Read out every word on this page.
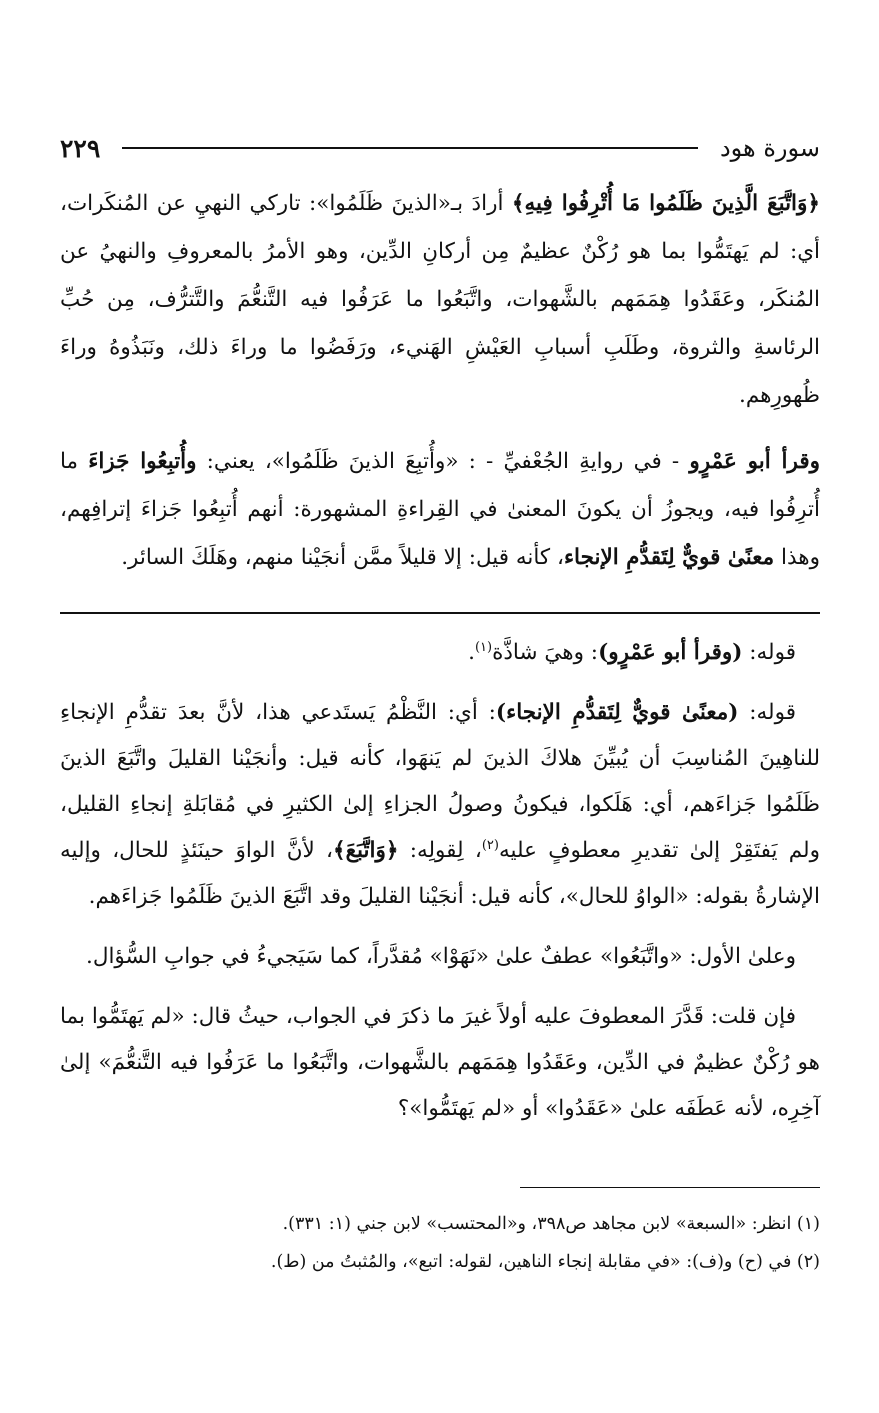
سورة هود
٢٢٩

﴿وَاتَّبَعَ الَّذِينَ ظَلَمُوا مَا أُتْرِفُوا فِيهِ﴾ أرادَ بـ«الذينَ ظَلَمُوا»: تاركي النهيِ عن المُنكَرات، أي: لم يَهتَمُّوا بما هو رُكْنٌ عظيمٌ مِن أركانِ الدِّين، وهو الأمرُ بالمعروفِ والنهيُ عن المُنكَر، وعَقَدُوا هِمَمَهم بالشَّهوات، واتَّبَعُوا ما عَرَفُوا فيه التَّنعُّمَ والتَّترُّف، مِن حُبِّ الرئاسةِ والثروة، وطَلَبِ أسبابِ العَيْشِ الهَنيء، ورَفَضُوا ما وراءَ ذلك، ونَبَذُوهُ وراءَ ظُهورِهم.

وقرأ أبو عَمْرٍو - في روايةِ الجُعْفيِّ - : «وأُتبِعَ الذينَ ظَلَمُوا»، يعني: وأُتبِعُوا جَزاءَ ما أُترِفُوا فيه، ويجوزُ أن يكونَ المعنىٰ في القِراءةِ المشهورة: أنهم أُتبِعُوا جَزاءَ إترافِهم، وهذا معنًىٰ قويٌّ لِتَقدُّمِ الإنجاء، كأنه قيل: إلا قليلاً ممَّن أنجَيْنا منهم، وهَلَكَ السائر.

قوله: (وقرأ أبو عَمْرٍو): وهيَ شاذَّة$^{(١)}$.

قوله: (معنًىٰ قويٌّ لِتَقدُّمِ الإنجاء): أي: النَّظْمُ يَستَدعي هذا، لأنَّ بعدَ تقدُّمِ الإنجاءِ للناهِينَ المُناسِبَ أن يُبيِّنَ هلاكَ الذينَ لم يَنهَوا، كأنه قيل: وأنجَيْنا القليلَ واتَّبَعَ الذينَ ظَلَمُوا جَزاءَهم، أي: هَلَكوا، فيكونُ وصولُ الجزاءِ إلىٰ الكثيرِ في مُقابَلةِ إنجاءِ القليل، ولم يَفتَقِرْ إلىٰ تقديرِ معطوفٍ عليه$^{(٢)}$، لِقولِه: ﴿وَاتَّبَعَ﴾، لأنَّ الواوَ حينَئذٍ للحال، وإليه الإشارةُ بقوله: «الواوُ للحال»، كأنه قيل: أنجَيْنا القليلَ وقد اتَّبَعَ الذينَ ظَلَمُوا جَزاءَهم.

وعلىٰ الأول: «واتَّبَعُوا» عطفٌ علىٰ «نَهَوْا» مُقدَّراً، كما سَيَجيءُ في جوابِ السُّؤال.

فإن قلت: قَدَّرَ المعطوفَ عليه أولاً غيرَ ما ذكرَ في الجواب، حيثُ قال: «لم يَهتَمُّوا بما هو رُكْنٌ عظيمٌ في الدِّين، وعَقَدُوا هِمَمَهم بالشَّهوات، واتَّبَعُوا ما عَرَفُوا فيه التَّنعُّمَ» إلىٰ آخِرِه، لأنه عَطَفَه علىٰ «عَقَدُوا» أو «لم يَهتَمُّوا»؟

(١) انظر: «السبعة» لابن مجاهد ص٣٩٨، و«المحتسب» لابن جني (١: ٣٣١).

(٢) في (ح) و(ف): «في مقابلة إنجاء الناهين، لقوله: اتبع»، والمُثبتُ من (ط).
